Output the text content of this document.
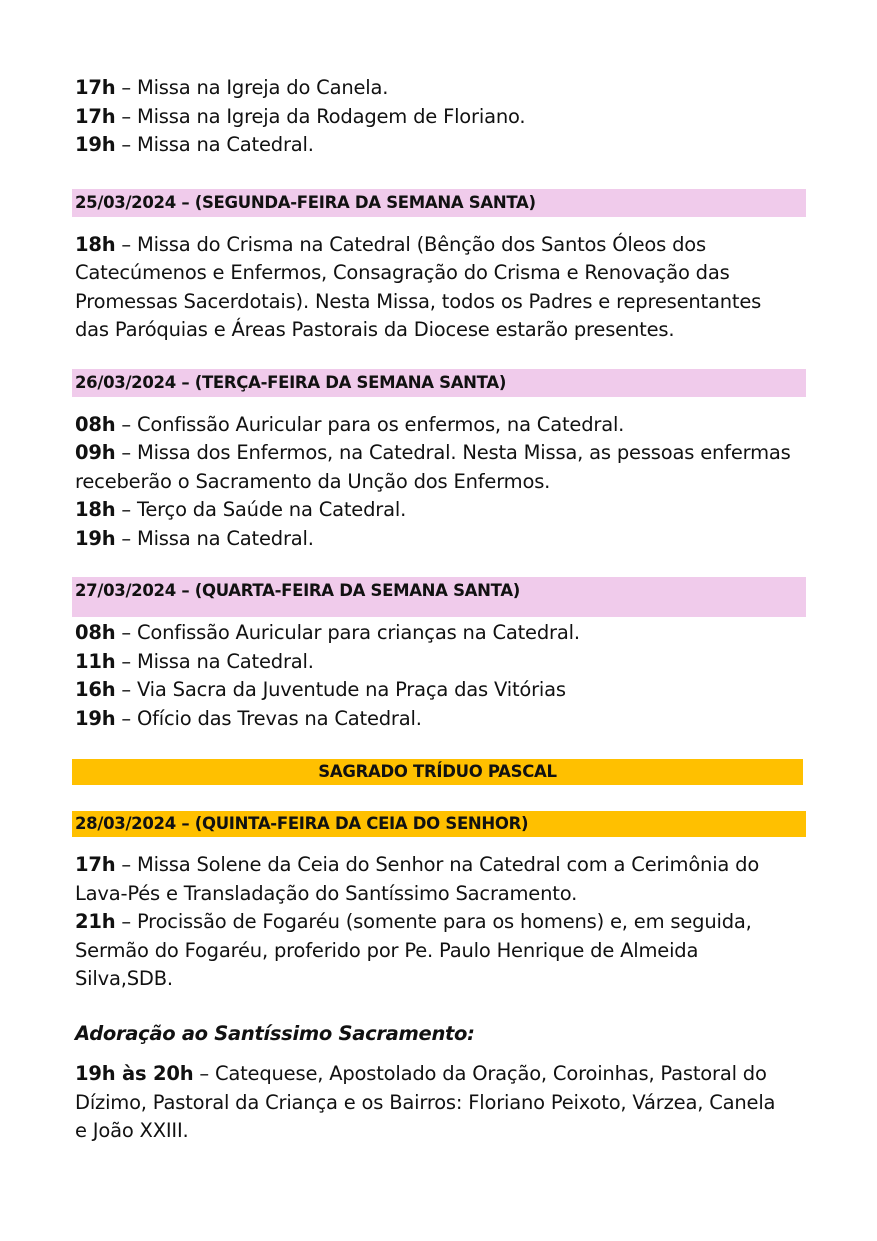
17h – Missa na Igreja do Canela.
17h – Missa na Igreja da Rodagem de Floriano.
19h – Missa na Catedral.
25/03/2024 – (SEGUNDA-FEIRA DA SEMANA SANTA)
18h – Missa do Crisma na Catedral (Bênção dos Santos Óleos dos
Catecúmenos e Enfermos, Consagração do Crisma e Renovação das
Promessas Sacerdotais). Nesta Missa, todos os Padres e representantes
das Paróquias e Áreas Pastorais da Diocese estarão presentes.
26/03/2024 – (TERÇA-FEIRA DA SEMANA SANTA)
08h – Confissão Auricular para os enfermos, na Catedral.
09h – Missa dos Enfermos, na Catedral. Nesta Missa, as pessoas enfermas
receberão o Sacramento da Unção dos Enfermos.
18h – Terço da Saúde na Catedral.
19h – Missa na Catedral.
27/03/2024 – (QUARTA-FEIRA DA SEMANA SANTA)
08h – Confissão Auricular para crianças na Catedral.
11h – Missa na Catedral.
16h – Via Sacra da Juventude na Praça das Vitórias
19h – Ofício das Trevas na Catedral.
SAGRADO TRÍDUO PASCAL
28/03/2024 – (QUINTA-FEIRA DA CEIA DO SENHOR)
17h – Missa Solene da Ceia do Senhor na Catedral com a Cerimônia do
Lava-Pés e Transladação do Santíssimo Sacramento.
21h – Procissão de Fogaréu (somente para os homens) e, em seguida,
Sermão do Fogaréu, proferido por Pe. Paulo Henrique de Almeida
Silva,SDB.
Adoração ao Santíssimo Sacramento:
19h às 20h – Catequese, Apostolado da Oração, Coroinhas, Pastoral do
Dízimo, Pastoral da Criança e os Bairros: Floriano Peixoto, Várzea, Canela
e João XXIII.
